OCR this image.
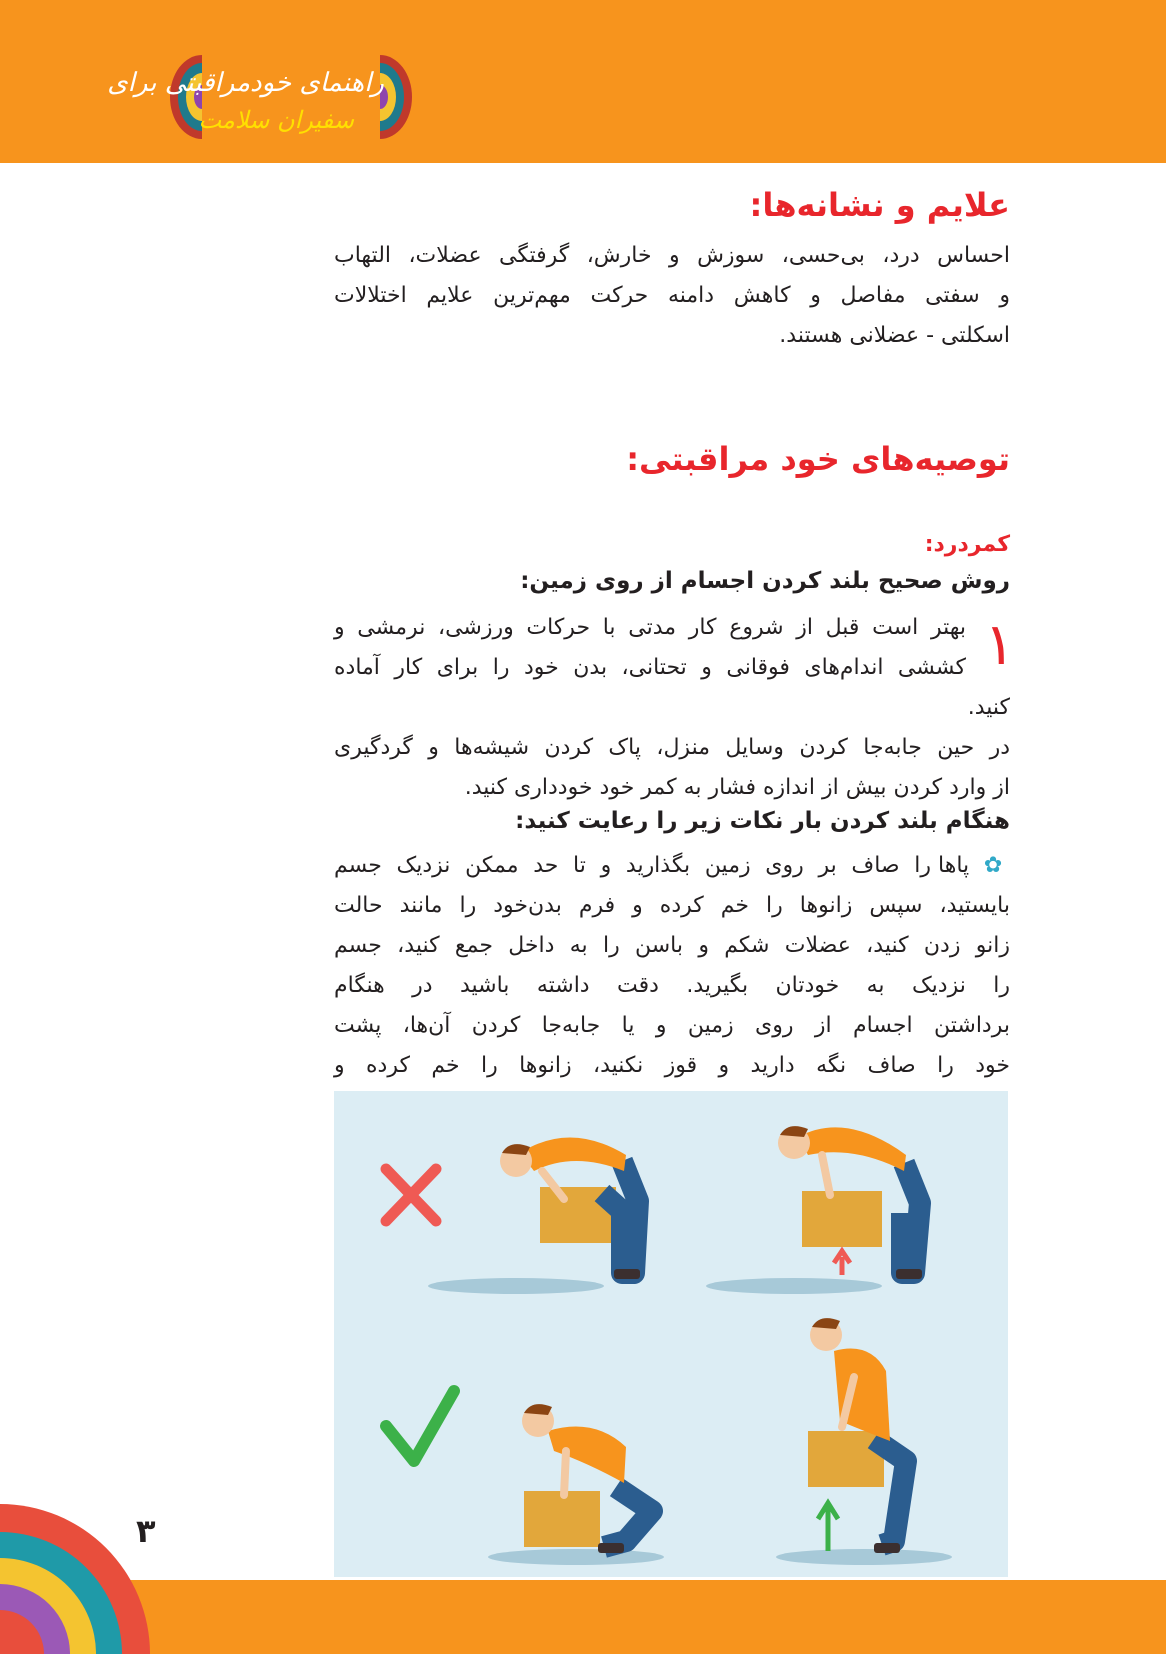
راهنمای خودمراقبتی برای
سفیران سلامت
علایم و نشانه‌ها:
احساس درد، بی‌حسی، سوزش و خارش، گرفتگی عضلات، التهاب
و سفتی مفاصل و کاهش دامنه حرکت مهم‌ترین علایم اختلالات
اسکلتی - عضلانی هستند.
توصیه‌های خود مراقبتی:
کمردرد:
روش صحیح بلند کردن اجسام از روی زمین:
۱
بهتر است قبل از شروع کار مدتی با حرکات ورزشی، نرمشی و
کششی اندام‌های فوقانی و تحتانی، بدن خود را برای کار آماده
کنید.
در حین جابه‌جا کردن وسایل منزل، پاک کردن شیشه‌ها و گردگیری
از وارد کردن بیش از اندازه فشار به کمر خود خودداری کنید.
هنگام بلند کردن بار نکات زیر را رعایت کنید:
✿ پاها را صاف بر روی زمین بگذارید و تا حد ممکن نزدیک جسم
بایستید، سپس زانوها را خم کرده و فرم بدن‌خود را مانند حالت
زانو زدن کنید، عضلات شکم و باسن را به داخل جمع کنید، جسم
را نزدیک به خودتان بگیرید. دقت داشته باشید در هنگام
برداشتن اجسام از روی زمین و یا جابه‌جا کردن آن‌ها، پشت
خود را صاف نگه دارید و قوز نکنید، زانوها را خم کرده و
۳
